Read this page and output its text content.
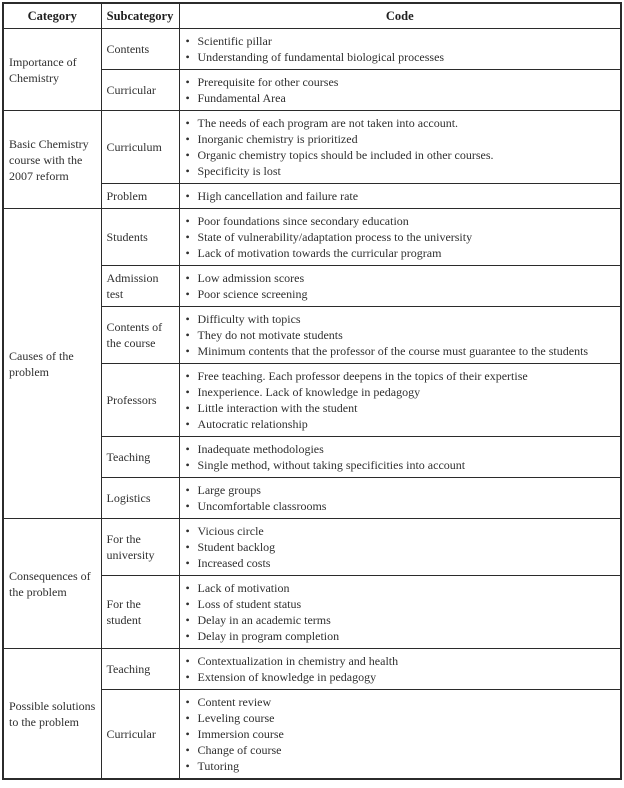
Category	Subcategory	Code
Importance of Chemistry	Contents	
• Scientific pillar
• Understanding of fundamental biological processes

Curricular	
• Prerequisite for other courses
• Fundamental Area

Basic Chemistry course with the 2007 reform	Curriculum	
• The needs of each program are not taken into account.
• Inorganic chemistry is prioritized
• Organic chemistry topics should be included in other courses.
• Specificity is lost

Problem	
•High cancellation and failure rate

Causes of the problem	Students	
• Poor foundations since secondary education
• State of vulnerability/adaptation process to the university
• Lack of motivation towards the curricular program

Admission test	
• Low admission scores
• Poor science screening

Contents of the course	
• Difficulty with topics
• They do not motivate students
• Minimum contents that the professor of the course must guarantee to the students

Professors	
• Free teaching. Each professor deepens in the topics of their expertise
• Inexperience. Lack of knowledge in pedagogy
• Little interaction with the student
• Autocratic relationship

Teaching	
• Inadequate methodologies
• Single method, without taking specificities into account

Logistics	
• Large groups
• Uncomfortable classrooms

Consequences of the problem	For the university	
• Vicious circle
• Student backlog
• Increased costs

For the student	
• Lack of motivation
• Loss of student status
• Delay in an academic terms
• Delay in program completion

Possible solutions to the problem	Teaching	
• Contextualization in chemistry and health
• Extension of knowledge in pedagogy

Curricular	
• Content review
• Leveling course
• Immersion course
• Change of course
• Tutoring
